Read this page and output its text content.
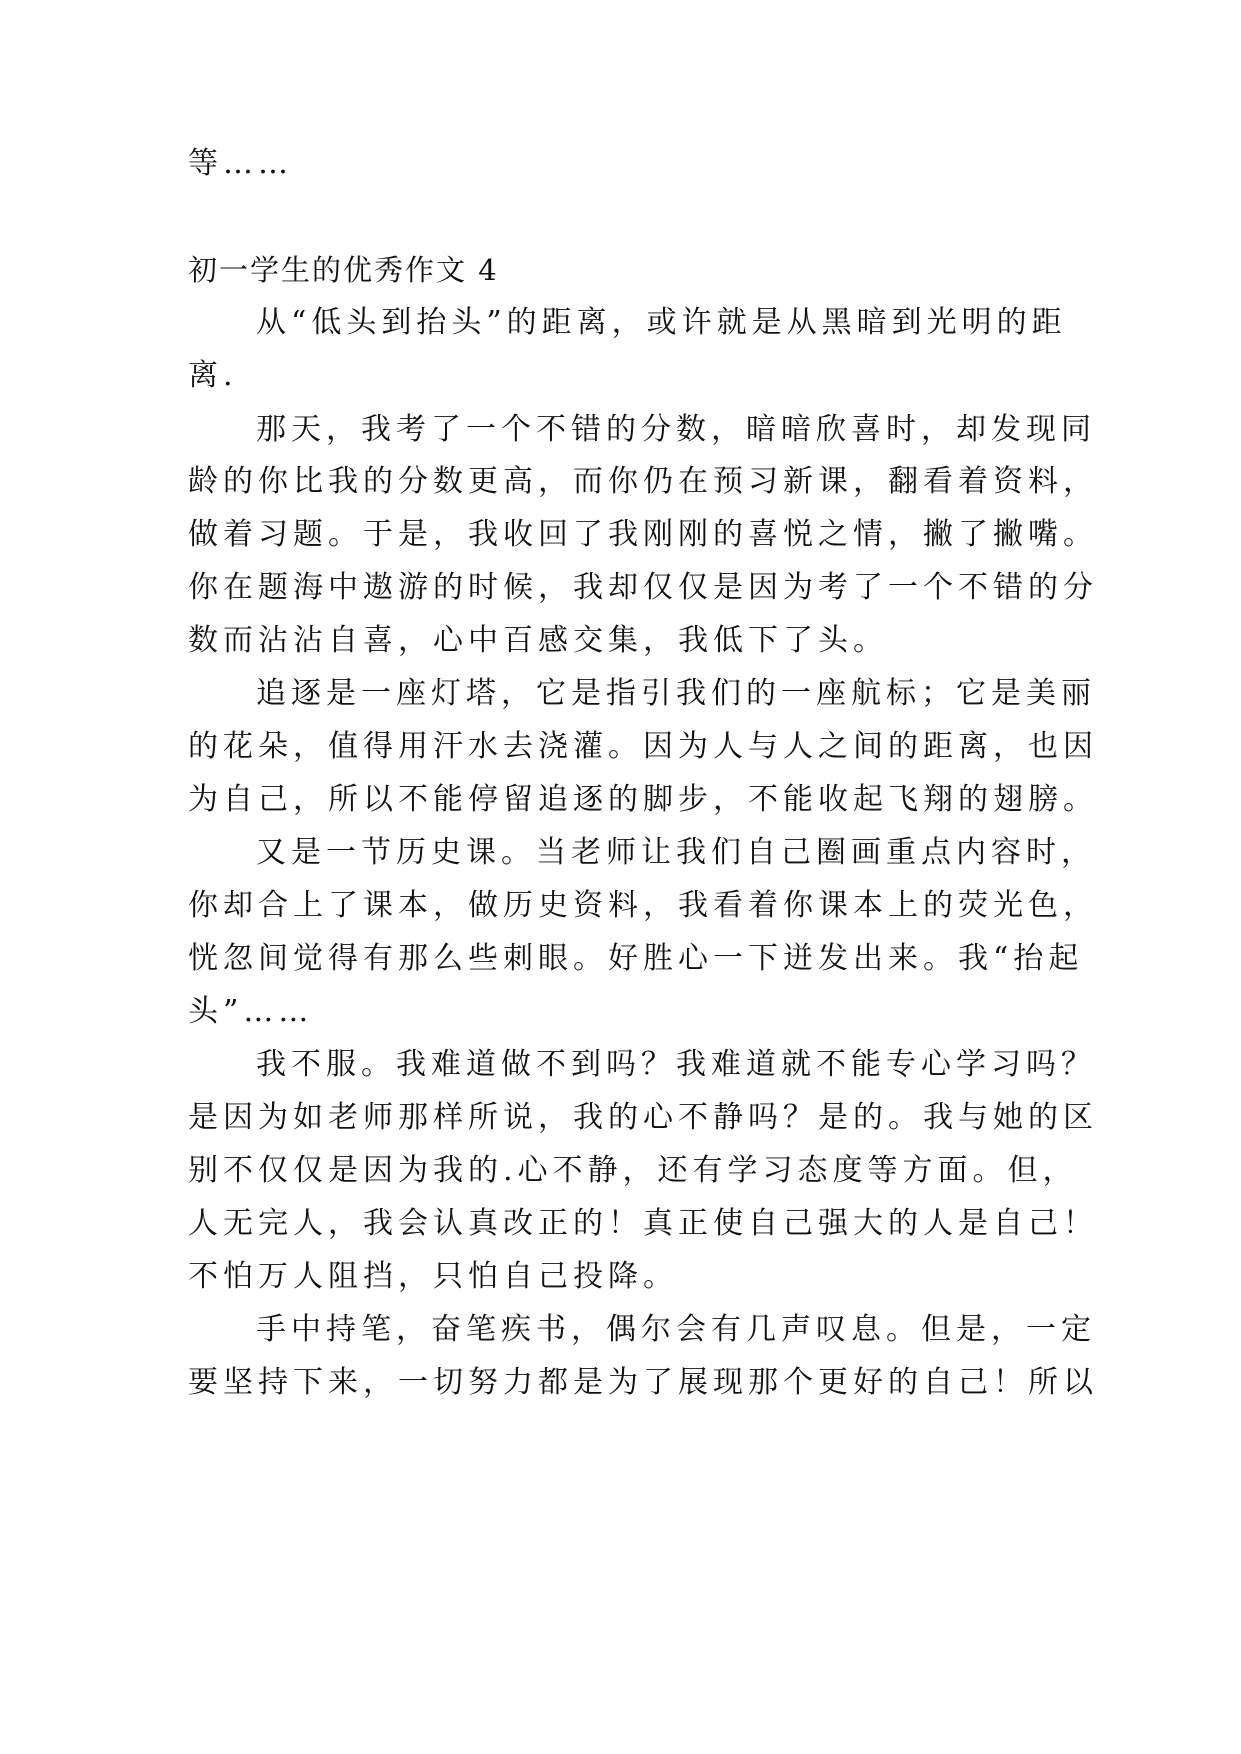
等……
初一学生的优秀作文 4
从“低头到抬头”的距离，或许就是从黑暗到光明的距
离.
那天，我考了一个不错的分数，暗暗欣喜时，却发现同
龄的你比我的分数更高，而你仍在预习新课，翻看着资料，
做着习题。于是，我收回了我刚刚的喜悦之情，撇了撇嘴。
你在题海中遨游的时候，我却仅仅是因为考了一个不错的分
数而沾沾自喜，心中百感交集，我低下了头。
追逐是一座灯塔，它是指引我们的一座航标；它是美丽
的花朵，值得用汗水去浇灌。因为人与人之间的距离，也因
为自己，所以不能停留追逐的脚步，不能收起飞翔的翅膀。
又是一节历史课。当老师让我们自己圈画重点内容时，
你却合上了课本，做历史资料，我看着你课本上的荧光色，
恍忽间觉得有那么些刺眼。好胜心一下迸发出来。我“抬起
头”……
我不服。我难道做不到吗？我难道就不能专心学习吗？
是因为如老师那样所说，我的心不静吗？是的。我与她的区
别不仅仅是因为我的.心不静，还有学习态度等方面。但，
人无完人，我会认真改正的！真正使自己强大的人是自己！
不怕万人阻挡，只怕自己投降。
手中持笔，奋笔疾书，偶尔会有几声叹息。但是，一定
要坚持下来，一切努力都是为了展现那个更好的自己！所以
